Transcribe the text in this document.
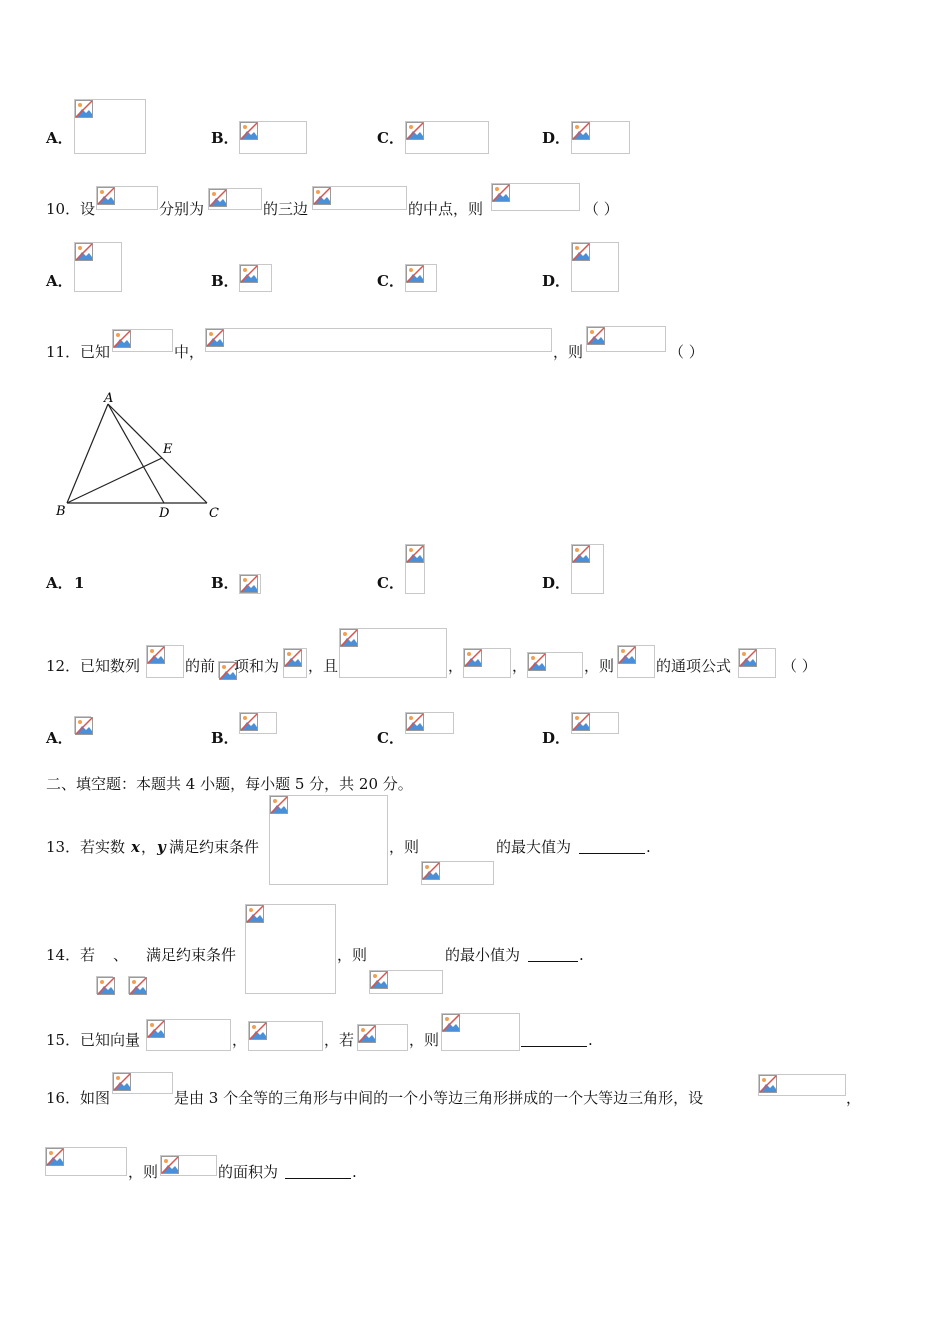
A．	B．	C．	D．
10． 设	分别为	的三边	的中点，则	（ ）
A．	B．	C．	D．
11． 已知	中，	，则	（ ）
A
B	C
D
E
A． 1	B．	C．	D．
12． 已知数列	的前 项和为 ，且	，	，	，则	的通项公式	（ ）
A．	B．	C．	D．
二、填空题：本题共 4 小题，每小题 5 分，共 20 分。
13． 若实数 x ， y 满足约束条件	，则	的最大值为	.
14． 若 、 满足约束条件	，则	的最小值为	.
15． 已知向量	，	，若	，则	.
16． 如图	是由 3 个全等的三角形与中间的一个小等边三角形拼成的一个大等边三角形，设	，
，则	的面积为	.
